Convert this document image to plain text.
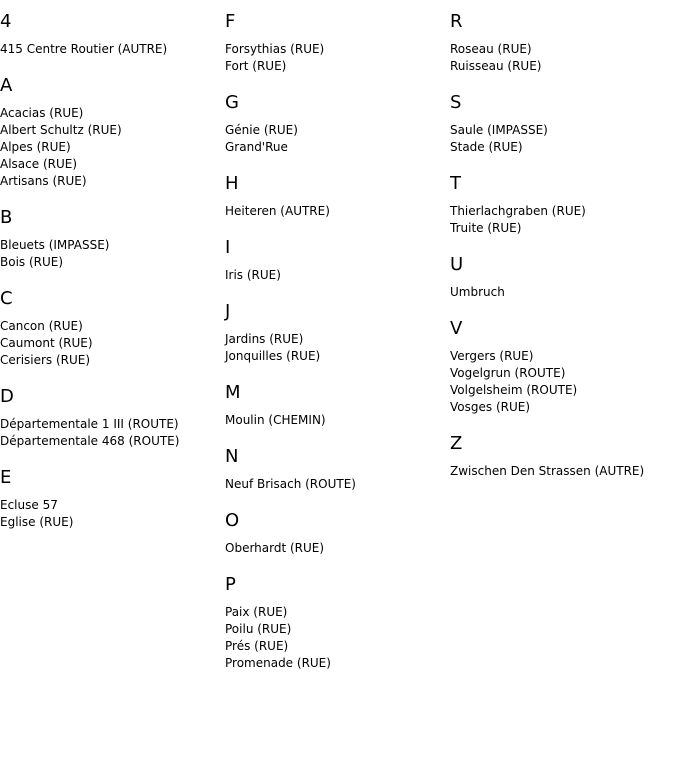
4
415 Centre Routier (AUTRE)
A
Acacias (RUE)
Albert Schultz (RUE)
Alpes (RUE)
Alsace (RUE)
Artisans (RUE)
B
Bleuets (IMPASSE)
Bois (RUE)
C
Cancon (RUE)
Caumont (RUE)
Cerisiers (RUE)
D
Départementale 1 III (ROUTE)
Départementale 468 (ROUTE)
E
Ecluse 57
Eglise (RUE)
F
Forsythias (RUE)
Fort (RUE)
G
Génie (RUE)
Grand'Rue
H
Heiteren (AUTRE)
I
Iris (RUE)
J
Jardins (RUE)
Jonquilles (RUE)
M
Moulin (CHEMIN)
N
Neuf Brisach (ROUTE)
O
Oberhardt (RUE)
P
Paix (RUE)
Poilu (RUE)
Prés (RUE)
Promenade (RUE)
R
Roseau (RUE)
Ruisseau (RUE)
S
Saule (IMPASSE)
Stade (RUE)
T
Thierlachgraben (RUE)
Truite (RUE)
U
Umbruch
V
Vergers (RUE)
Vogelgrun (ROUTE)
Volgelsheim (ROUTE)
Vosges (RUE)
Z
Zwischen Den Strassen (AUTRE)
